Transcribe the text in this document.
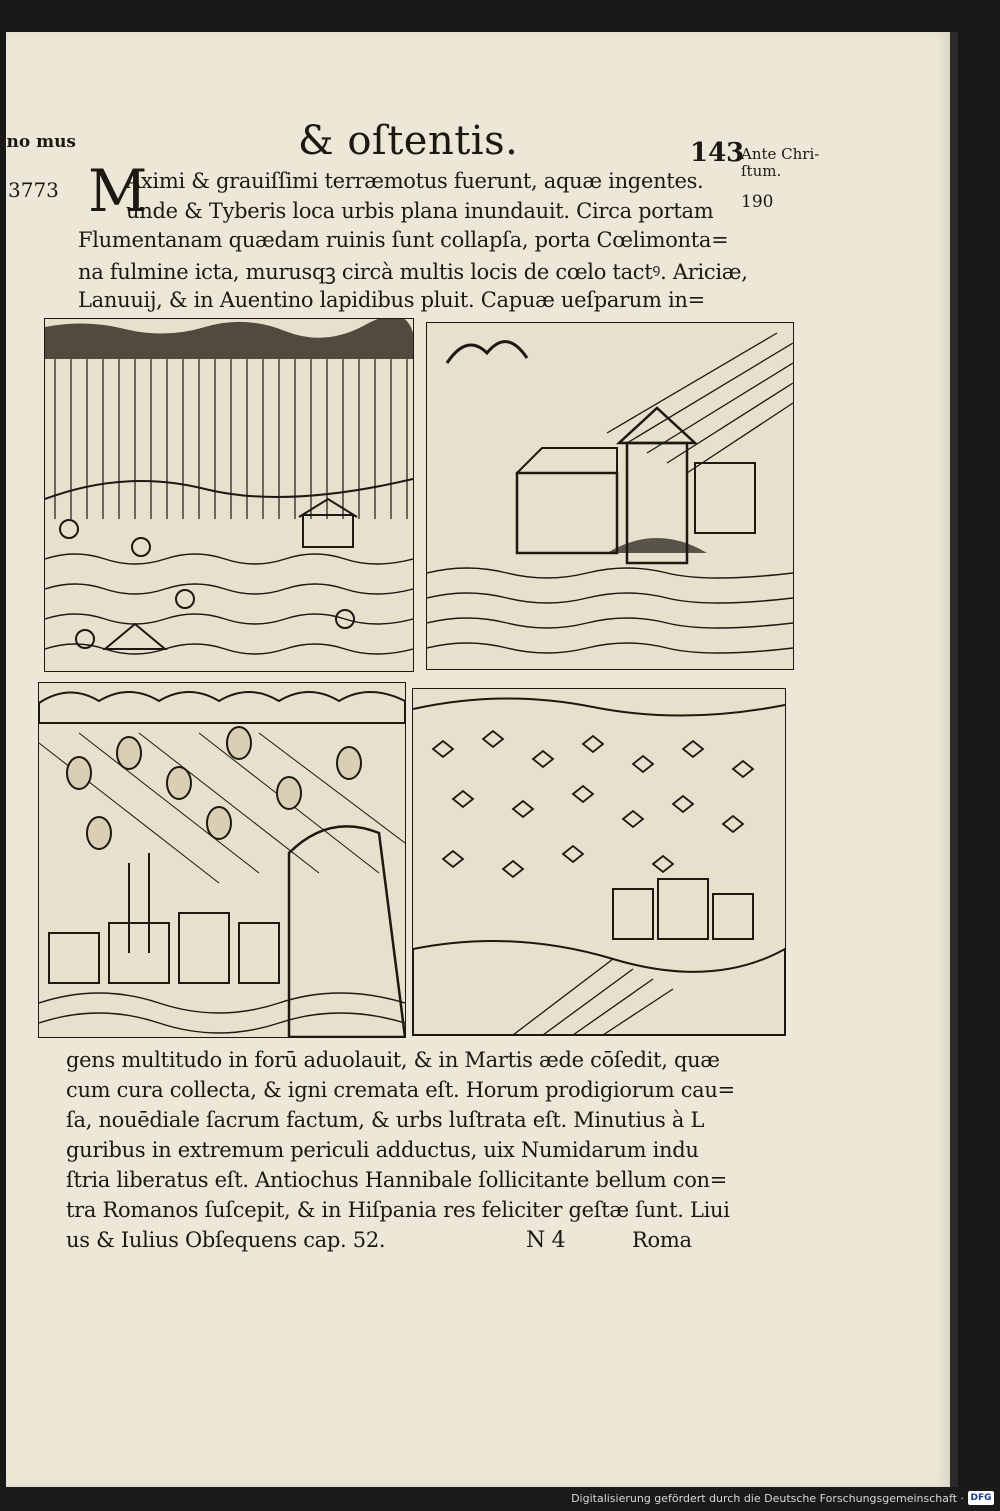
ino mus	& oſtentis.	143
Ante Chri-
ſtum.
190
3773 M
Aximi & grauiſſimi terræmotus fuerunt, aquæ ingentes.
unde & Tyberis loca urbis plana inundauit. Circa portam
Flumentanam quædam ruinis ſunt collapſa, porta Cœlimonta=
na fulmine icta, murusqꝫ circà multis locis de cœlo tactꝰ. Ariciæ,
Lanuuij, & in Auentino lapidibus pluit. Capuæ ueſparum in=
gens multitudo in forū aduolauit, & in Martis æde cōſedit, quæ
cum cura collecta, & igni cremata eſt. Horum prodigiorum cau=
ſa, nouēdiale ſacrum factum, & urbs luſtrata eſt. Minutius à L
guribus in extremum periculi adductus, uix Numidarum indu
ſtria liberatus eſt. Antiochus Hannibale ſollicitante bellum con=
tra Romanos ſuſcepit, & in Hiſpania res feliciter geſtæ ſunt. Liui
us & Iulius Obſequens cap. 52.	N 4	Roma
Digitalisierung gefördert durch die Deutsche Forschungsgemeinschaft · DFG
